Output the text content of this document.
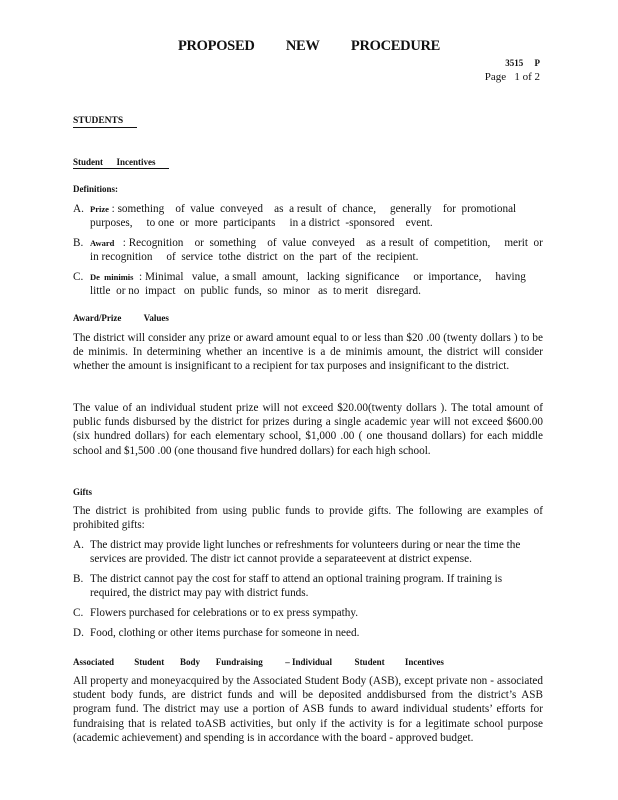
PROPOSED NEW PROCEDURE
3515     P
Page   1 of 2
STUDENTS
Student      Incentives
Definitions:
A. Prize : something    of  value  conveyed    as  a result  of  chance,     generally    for  promotional purposes,     to one  or  more  participants     in a district  -sponsored    event.
B. Award   : Recognition    or  something    of  value  conveyed    as  a result  of  competition,     merit  or  in recognition     of  service  tothe  district  on  the  part  of  the  recipient.
C. De  minimis  : Minimal   value,  a small  amount,   lacking  significance     or  importance,     having little  or no  impact   on  public  funds,  so  minor   as  to merit   disregard.
Award/Prize          Values
The district will consider any prize or award amount equal to or less than $20 .00 (twenty dollars ) to be de minimis. In determining whether an incentive is a de minimis amount, the district will consider whether the amount is insignificant to a recipient for tax purposes and insignificant to the district.
The value of an individual student prize will not exceed $20.00(twenty dollars ). The total amount of public funds disbursed by the district for prizes during a single academic year will not exceed $600.00 (six hundred dollars) for each elementary school, $1,000 .00 ( one thousand dollars) for each middle school and $1,500 .00 (one thousand five hundred dollars) for each high school.
Gifts
The district is prohibited from using public funds to provide gifts. The following are examples of prohibited gifts:
A. The district may provide light lunches or refreshments for volunteers during or near the time the services are provided. The distr ict cannot provide a separateevent at district expense.
B. The district cannot pay the cost for staff to attend an optional training program. If training is required, the district may pay with district funds.
C. Flowers purchased for celebrations or to ex press sympathy.
D. Food, clothing or other items purchase for someone in need.
Associated         Student       Body       Fundraising          – Individual          Student         Incentives
All property and moneyacquired by the Associated Student Body (ASB), except private non - associated student body funds, are district funds and will be deposited anddisbursed from the district’s ASB program fund. The district may use a portion of ASB funds to award individual students’ efforts for fundraising that is related toASB activities, but only if the activity is for a legitimate school purpose (academic achievement) and spending is in accordance with the board - approved budget.
